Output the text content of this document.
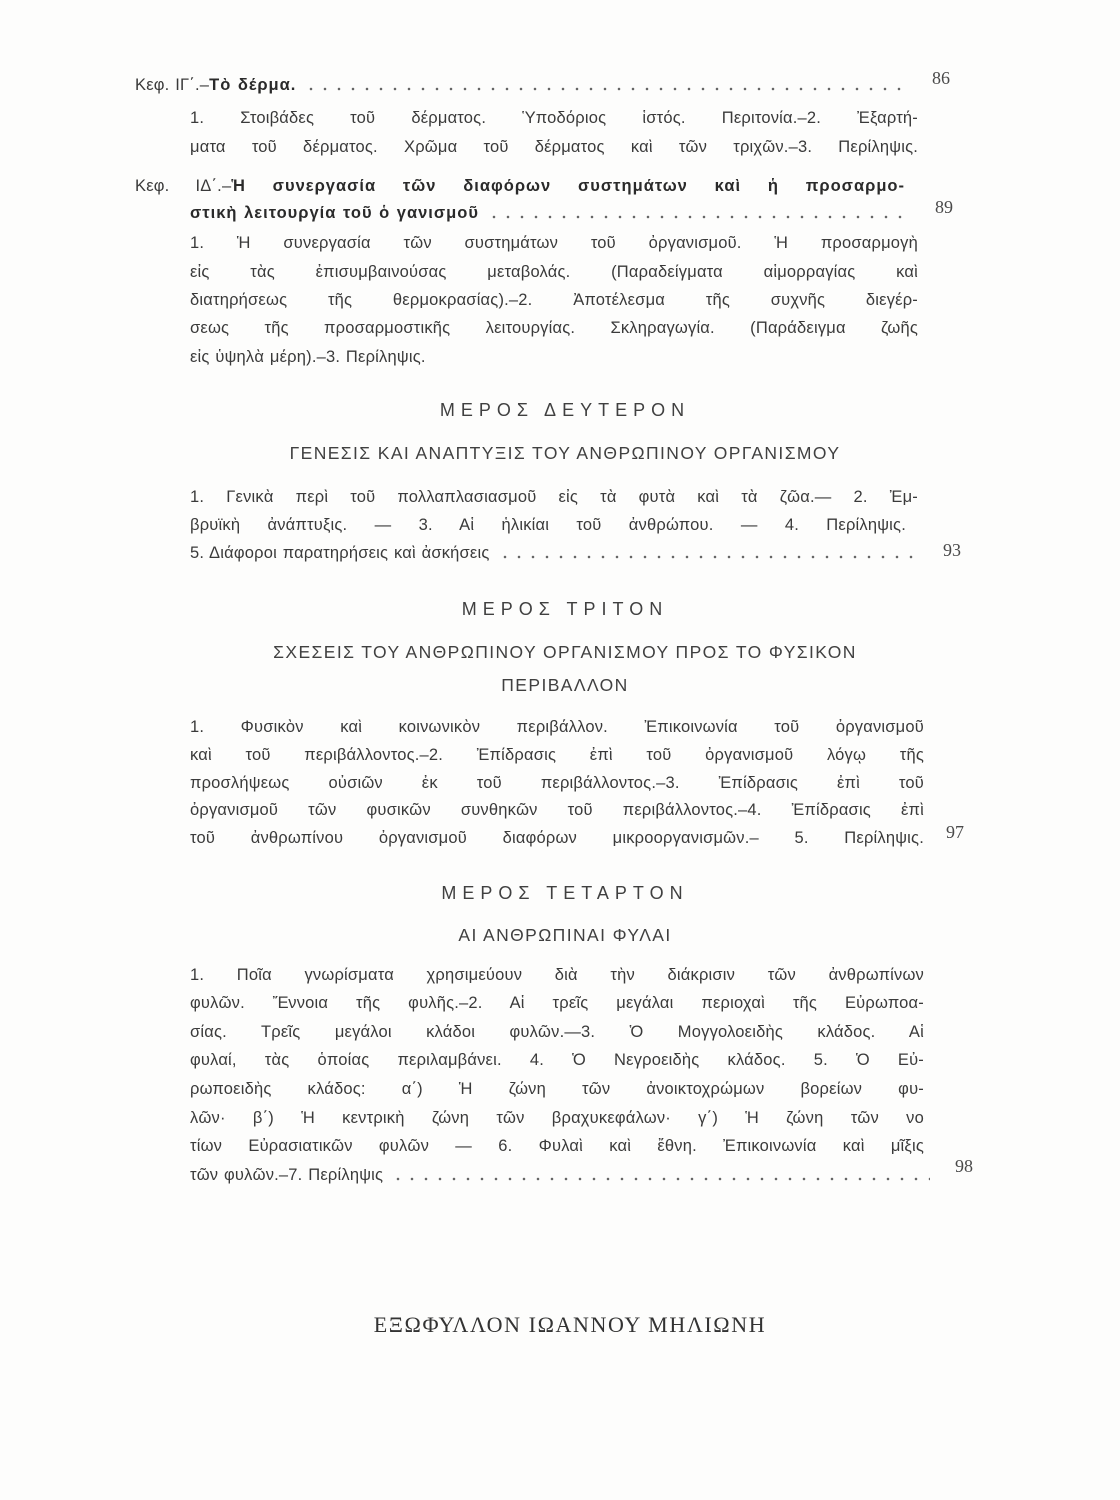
Κεφ. ΙΓ΄.– Τὸ δέρμα.	86
1. Στοιβάδες τοῦ δέρματος. Ὑποδόριος ἱστός. Περιτονία.–2. Ἐξαρτή-
ματα τοῦ δέρματος. Χρῶμα τοῦ δέρματος καὶ τῶν τριχῶν.–3. Περίληψις.
Κεφ. ΙΔ΄.–Ἡ συνεργασία τῶν διαφόρων συστημάτων καὶ ἡ προσαρμο-
στικὴ λειτουργία τοῦ ὁ γανισμοῦ	89
1. Ἡ συνεργασία τῶν συστημάτων τοῦ ὀργανισμοῦ. Ἡ προσαρμογὴ
εἰς τὰς ἐπισυμβαινούσας μεταβολάς. (Παραδείγματα αἱμορραγίας καὶ
διατηρήσεως τῆς θερμοκρασίας).–2. Ἀποτέλεσμα τῆς συχνῆς διεγέρ-
σεως τῆς προσαρμοστικῆς λειτουργίας. Σκληραγωγία. (Παράδειγμα ζωῆς
εἰς ὑψηλὰ μέρη).–3. Περίληψις.
ΜΕΡΟΣ ΔΕΥΤΕΡΟΝ
ΓΕΝΕΣΙΣ ΚΑΙ ΑΝΑΠΤΥΞΙΣ ΤΟΥ ΑΝΘΡΩΠΙΝΟΥ ΟΡΓΑΝΙΣΜΟΥ
1. Γενικὰ περὶ τοῦ πολλαπλασιασμοῦ εἰς τὰ φυτὰ καὶ τὰ ζῶα.— 2. Ἐμ-
βρυϊκὴ ἀνάπτυξις. — 3. Αἱ ἡλικίαι τοῦ ἀνθρώπου. — 4. Περίληψις.
5. Διάφοροι παρατηρήσεις καὶ ἀσκήσεις	93
ΜΕΡΟΣ ΤΡΙΤΟΝ
ΣΧΕΣΕΙΣ ΤΟΥ ΑΝΘΡΩΠΙΝΟΥ ΟΡΓΑΝΙΣΜΟΥ ΠΡΟΣ ΤΟ ΦΥΣΙΚΟΝ
ΠΕΡΙΒΑΛΛΟΝ
1. Φυσικὸν καὶ κοινωνικὸν περιβάλλον. Ἐπικοινωνία τοῦ ὀργανισμοῦ
καὶ τοῦ περιβάλλοντος.–2. Ἐπίδρασις ἐπὶ τοῦ ὀργανισμοῦ λόγῳ τῆς
προσλήψεως οὐσιῶν ἐκ τοῦ περιβάλλοντος.–3. Ἐπίδρασις ἐπὶ τοῦ
ὀργανισμοῦ τῶν φυσικῶν συνθηκῶν τοῦ περιβάλλοντος.–4. Ἐπίδρασις ἐπὶ
τοῦ ἀνθρωπίνου ὀργανισμοῦ διαφόρων μικροοργανισμῶν.– 5. Περίληψις. 97
ΜΕΡΟΣ ΤΕΤΑΡΤΟΝ
ΑΙ ΑΝΘΡΩΠΙΝΑΙ ΦΥΛΑΙ
1. Ποῖα γνωρίσματα χρησιμεύουν διὰ τὴν διάκρισιν τῶν ἀνθρωπίνων
φυλῶν. Ἔννοια τῆς φυλῆς.–2. Αἱ τρεῖς μεγάλαι περιοχαὶ τῆς Εὐρωποα-
σίας. Τρεῖς μεγάλοι κλάδοι φυλῶν.—3. Ὁ Μογγολοειδὴς κλάδος. Αἱ
φυλαί, τὰς ὁποίας περιλαμβάνει. 4. Ὁ Νεγροειδὴς κλάδος. 5. Ὁ Εὐ-
ρωποειδὴς κλάδος: α΄) Ἡ ζώνη τῶν ἀνοικτοχρώμων βορείων φυ-
λῶν· β΄) Ἡ κεντρικὴ ζώνη τῶν βραχυκεφάλων· γ΄) Ἡ ζώνη τῶν νο
τίων Εὐρασιατικῶν φυλῶν — 6. Φυλαὶ καὶ ἔθνη. Ἐπικοινωνία καὶ μῖξις
τῶν φυλῶν.–7. Περίληψις	98
ΕΞΩΦΥΛΛΟΝ ΙΩΑΝΝΟΥ ΜΗΛΙΩΝΗ
